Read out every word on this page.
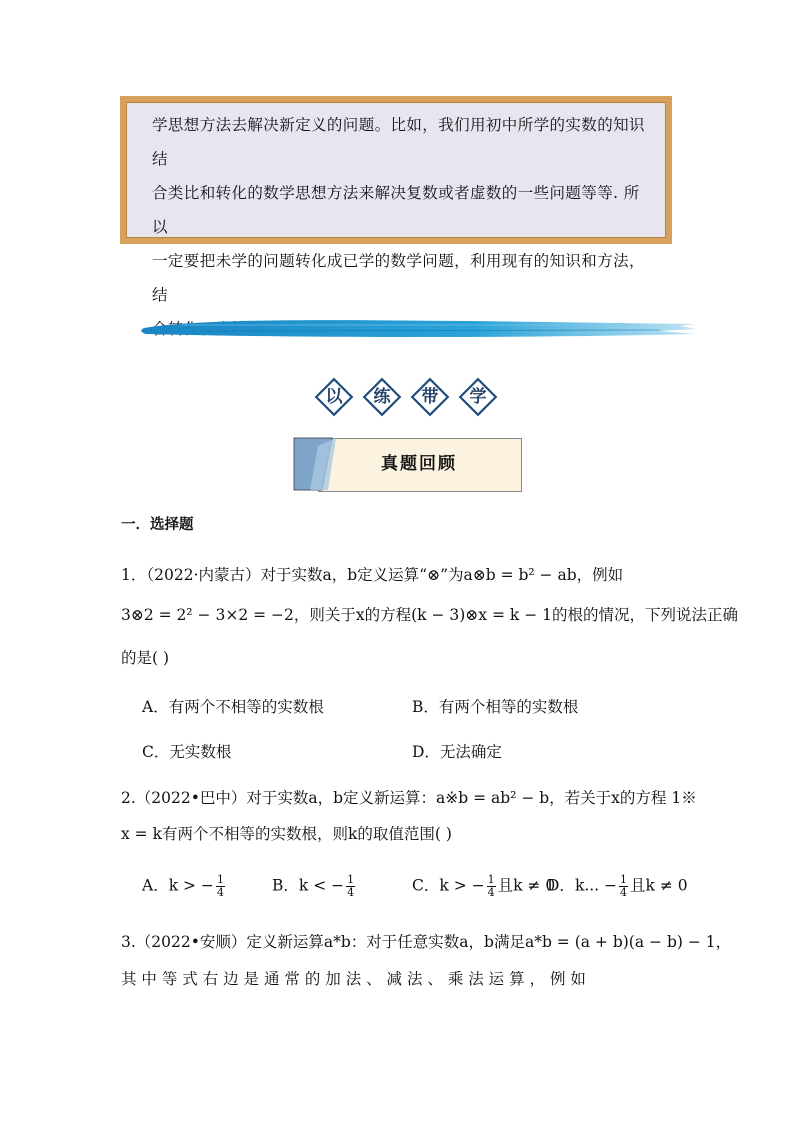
学思想方法去解决新定义的问题。比如，我们用初中所学的实数的知识结
合类比和转化的数学思想方法来解决复数或者虚数的一些问题等等. 所以
一定要把未学的问题转化成已学的数学问题，利用现有的知识和方法，结
以	练	带	学
真题回顾
一．选择题
1．（2022·内蒙古）对于实数a，b定义运算“⊗”为a⊗b = b² − ab，例如
3⊗2 = 2² − 3×2 = −2，则关于x的方程(k − 3)⊗x = k − 1的根的情况，下列说法正确
的是( )
A．有两个不相等的实数根	B．有两个相等的实数根
C．无实数根	D．无法确定
2.（2022•巴中）对于实数a，b定义新运算：a※b = ab² − b，若关于x的方程 1※
x = k有两个不相等的实数根，则k的取值范围( )
A．k > − $\frac{1}{4}$	B．k < − $\frac{1}{4}$	C．k > − $\frac{1}{4}$ 且k ≠ 0
D．k... − $\frac{1}{4}$ 且k ≠ 0
3.（2022•安顺）定义新运算a*b：对于任意实数a，b满足a*b = (a + b)(a − b) − 1，
其 中 等 式 右 边 是 通 常 的 加 法 、 减 法 、 乘 法 运 算 ， 例 如
